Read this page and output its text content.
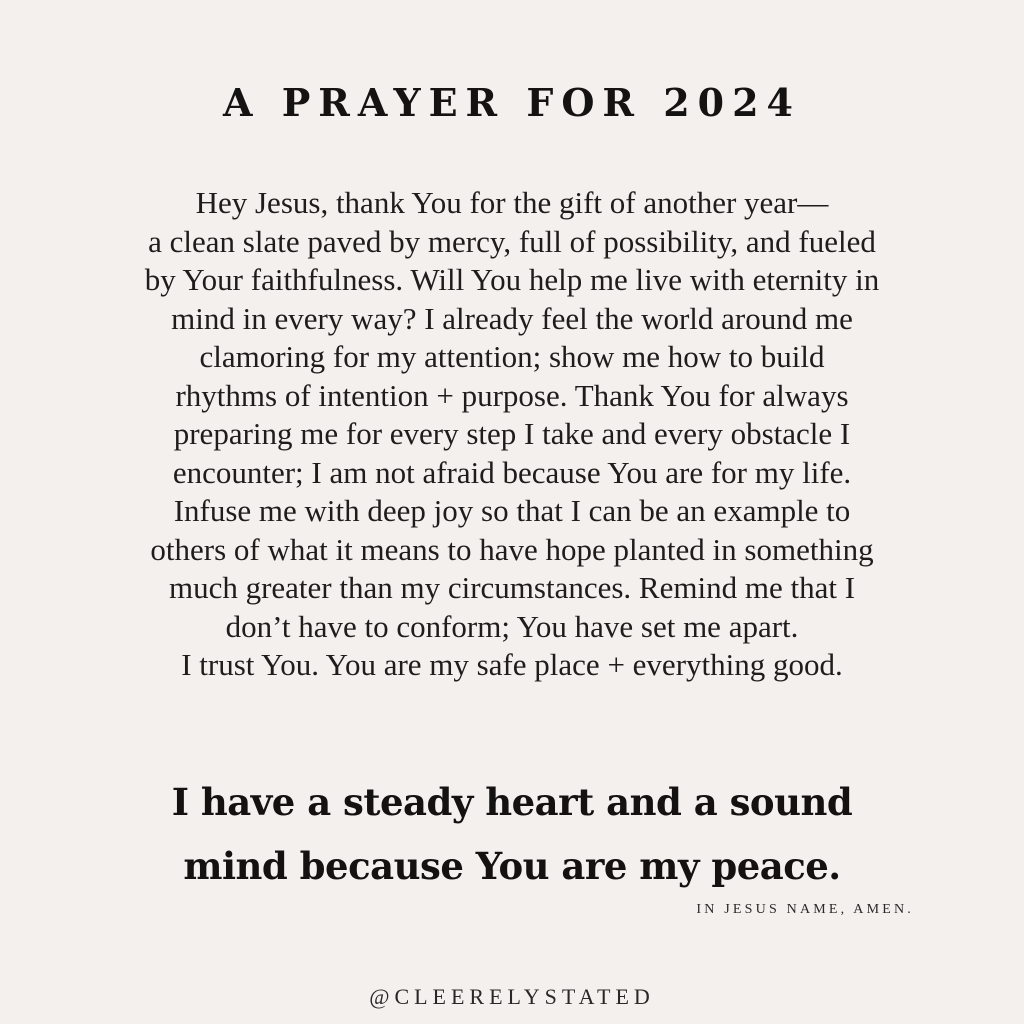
A PRAYER FOR 2024
Hey Jesus, thank You for the gift of another year—
a clean slate paved by mercy, full of possibility, and fueled
by Your faithfulness. Will You help me live with eternity in
mind in every way? I already feel the world around me
clamoring for my attention; show me how to build
rhythms of intention + purpose. Thank You for always
preparing me for every step I take and every obstacle I
encounter; I am not afraid because You are for my life.
Infuse me with deep joy so that I can be an example to
others of what it means to have hope planted in something
much greater than my circumstances. Remind me that I
don’t have to conform; You have set me apart.
I trust You. You are my safe place + everything good.
I have a steady heart and a sound
mind because You are my peace.
IN JESUS NAME, AMEN.
@CLEERELYSTATED
